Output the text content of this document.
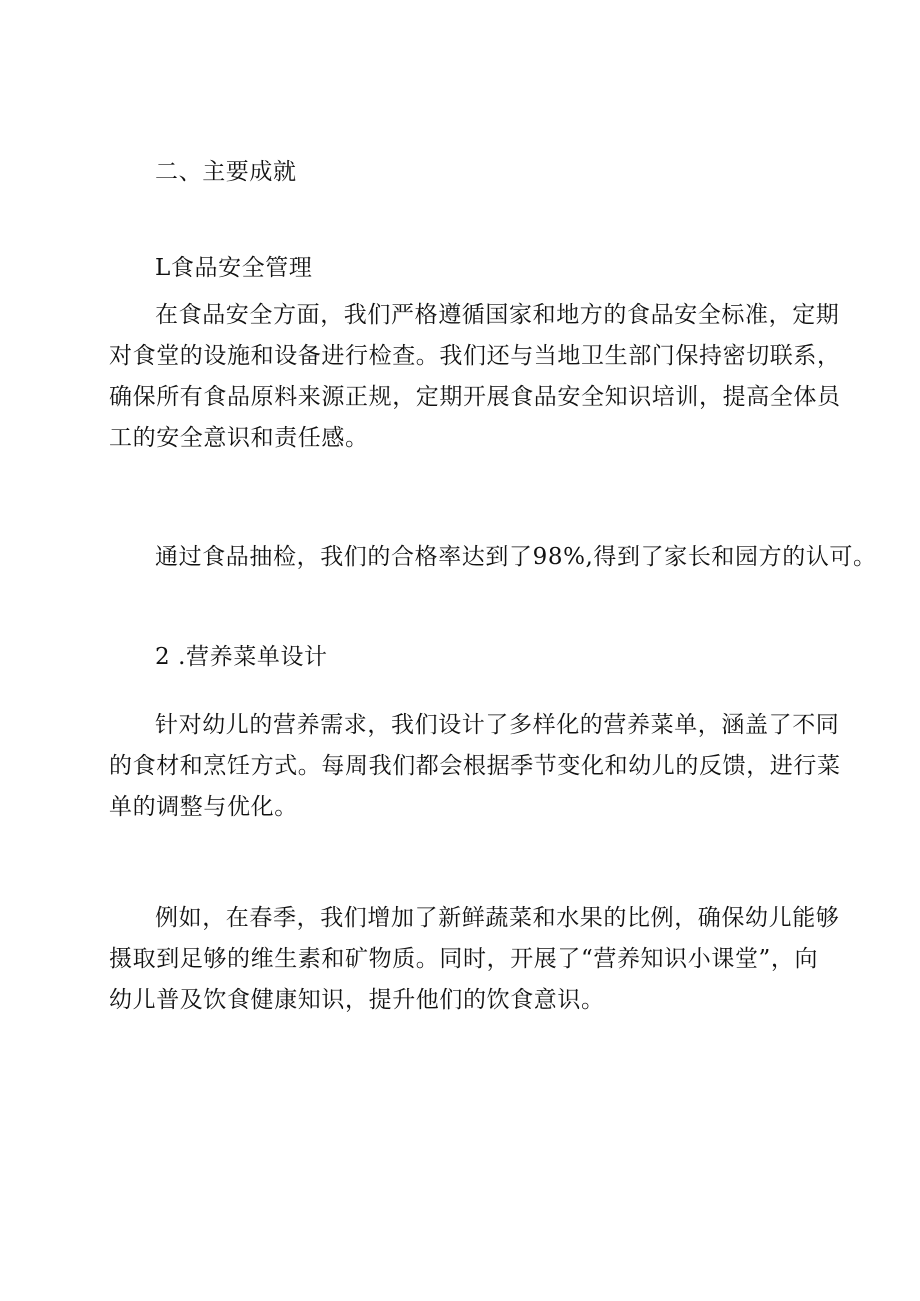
二、主要成就

L食品安全管理

在食品安全方面，我们严格遵循国家和地方的食品安全标准，定期
对食堂的设施和设备进行检查。我们还与当地卫生部门保持密切联系，
确保所有食品原料来源正规，定期开展食品安全知识培训，提高全体员
工的安全意识和责任感。

通过食品抽检，我们的合格率达到了98%,得到了家长和园方的认可。

2 .营养菜单设计

针对幼儿的营养需求，我们设计了多样化的营养菜单，涵盖了不同
的食材和烹饪方式。每周我们都会根据季节变化和幼儿的反馈，进行菜
单的调整与优化。
例如，在春季，我们增加了新鲜蔬菜和水果的比例，确保幼儿能够
摄取到足够的维生素和矿物质。同时，开展了“营养知识小课堂”，向
幼儿普及饮食健康知识，提升他们的饮食意识。
